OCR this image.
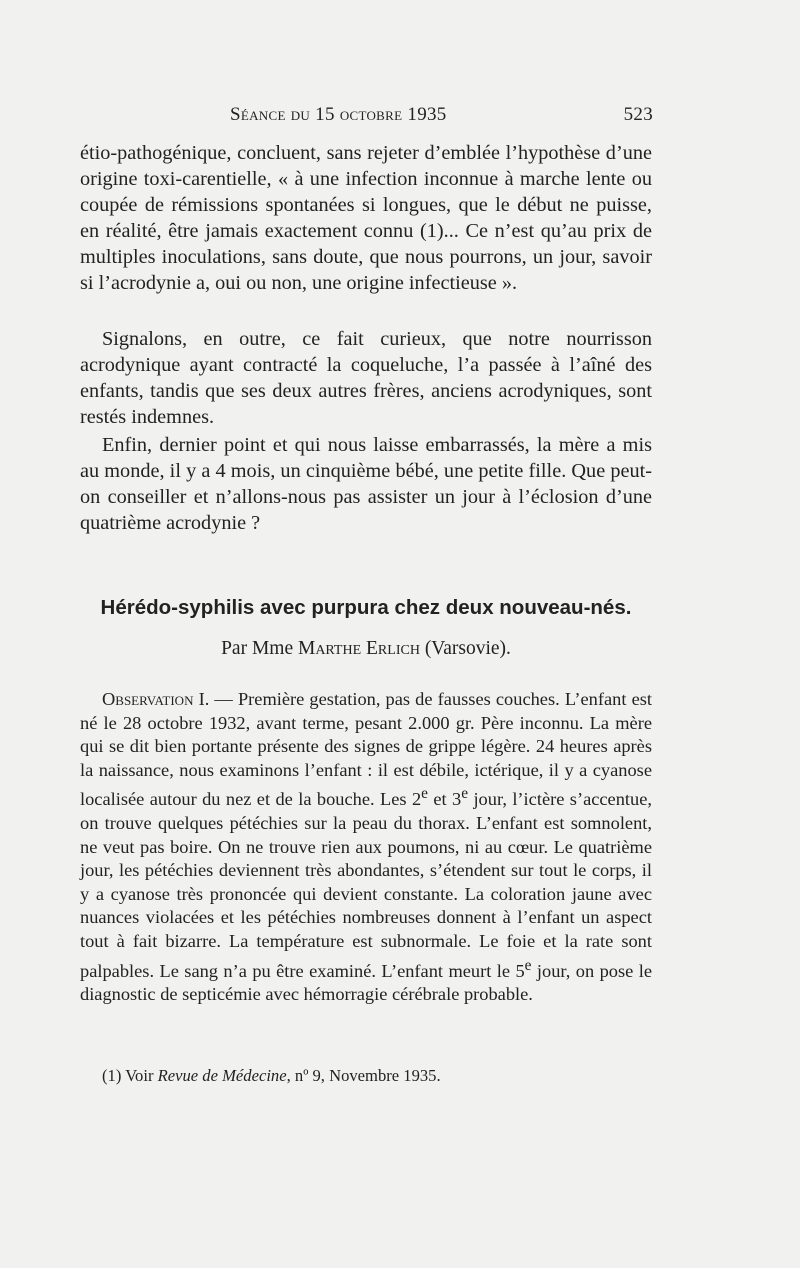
Séance du 15 octobre 1935	523

étio-pathogénique, concluent, sans rejeter d’emblée l’hypothèse d’une origine toxi-carentielle, « à une infection inconnue à marche lente ou coupée de rémissions spontanées si longues, que le début ne puisse, en réalité, être jamais exactement connu (1)... Ce n’est qu’au prix de multiples inoculations, sans doute, que nous pourrons, un jour, savoir si l’acrodynie a, oui ou non, une origine infectieuse ».

Signalons, en outre, ce fait curieux, que notre nourrisson acrodynique ayant contracté la coqueluche, l’a passée à l’aîné des enfants, tandis que ses deux autres frères, anciens acrodyniques, sont restés indemnes.

Enfin, dernier point et qui nous laisse embarrassés, la mère a mis au monde, il y a 4 mois, un cinquième bébé, une petite fille. Que peut-on conseiller et n’allons-nous pas assister un jour à l’éclosion d’une quatrième acrodynie ?

Hérédo-syphilis avec purpura chez deux nouveau-nés.

Par Mme Marthe Erlich (Varsovie).

Observation I. — Première gestation, pas de fausses couches. L’enfant est né le 28 octobre 1932, avant terme, pesant 2.000 gr. Père inconnu. La mère qui se dit bien portante présente des signes de grippe légère. 24 heures après la naissance, nous examinons l’enfant : il est débile, ictérique, il y a cyanose localisée autour du nez et de la bouche. Les 2e et 3e jour, l’ictère s’accentue, on trouve quelques pétéchies sur la peau du thorax. L’enfant est somnolent, ne veut pas boire. On ne trouve rien aux poumons, ni au cœur. Le quatrième jour, les pétéchies deviennent très abondantes, s’étendent sur tout le corps, il y a cyanose très prononcée qui devient constante. La coloration jaune avec nuances violacées et les pétéchies nombreuses donnent à l’enfant un aspect tout à fait bizarre. La température est subnormale. Le foie et la rate sont palpables. Le sang n’a pu être examiné. L’enfant meurt le 5e jour, on pose le diagnostic de septicémie avec hémorragie cérébrale probable.

(1) Voir Revue de Médecine, nº 9, Novembre 1935.
